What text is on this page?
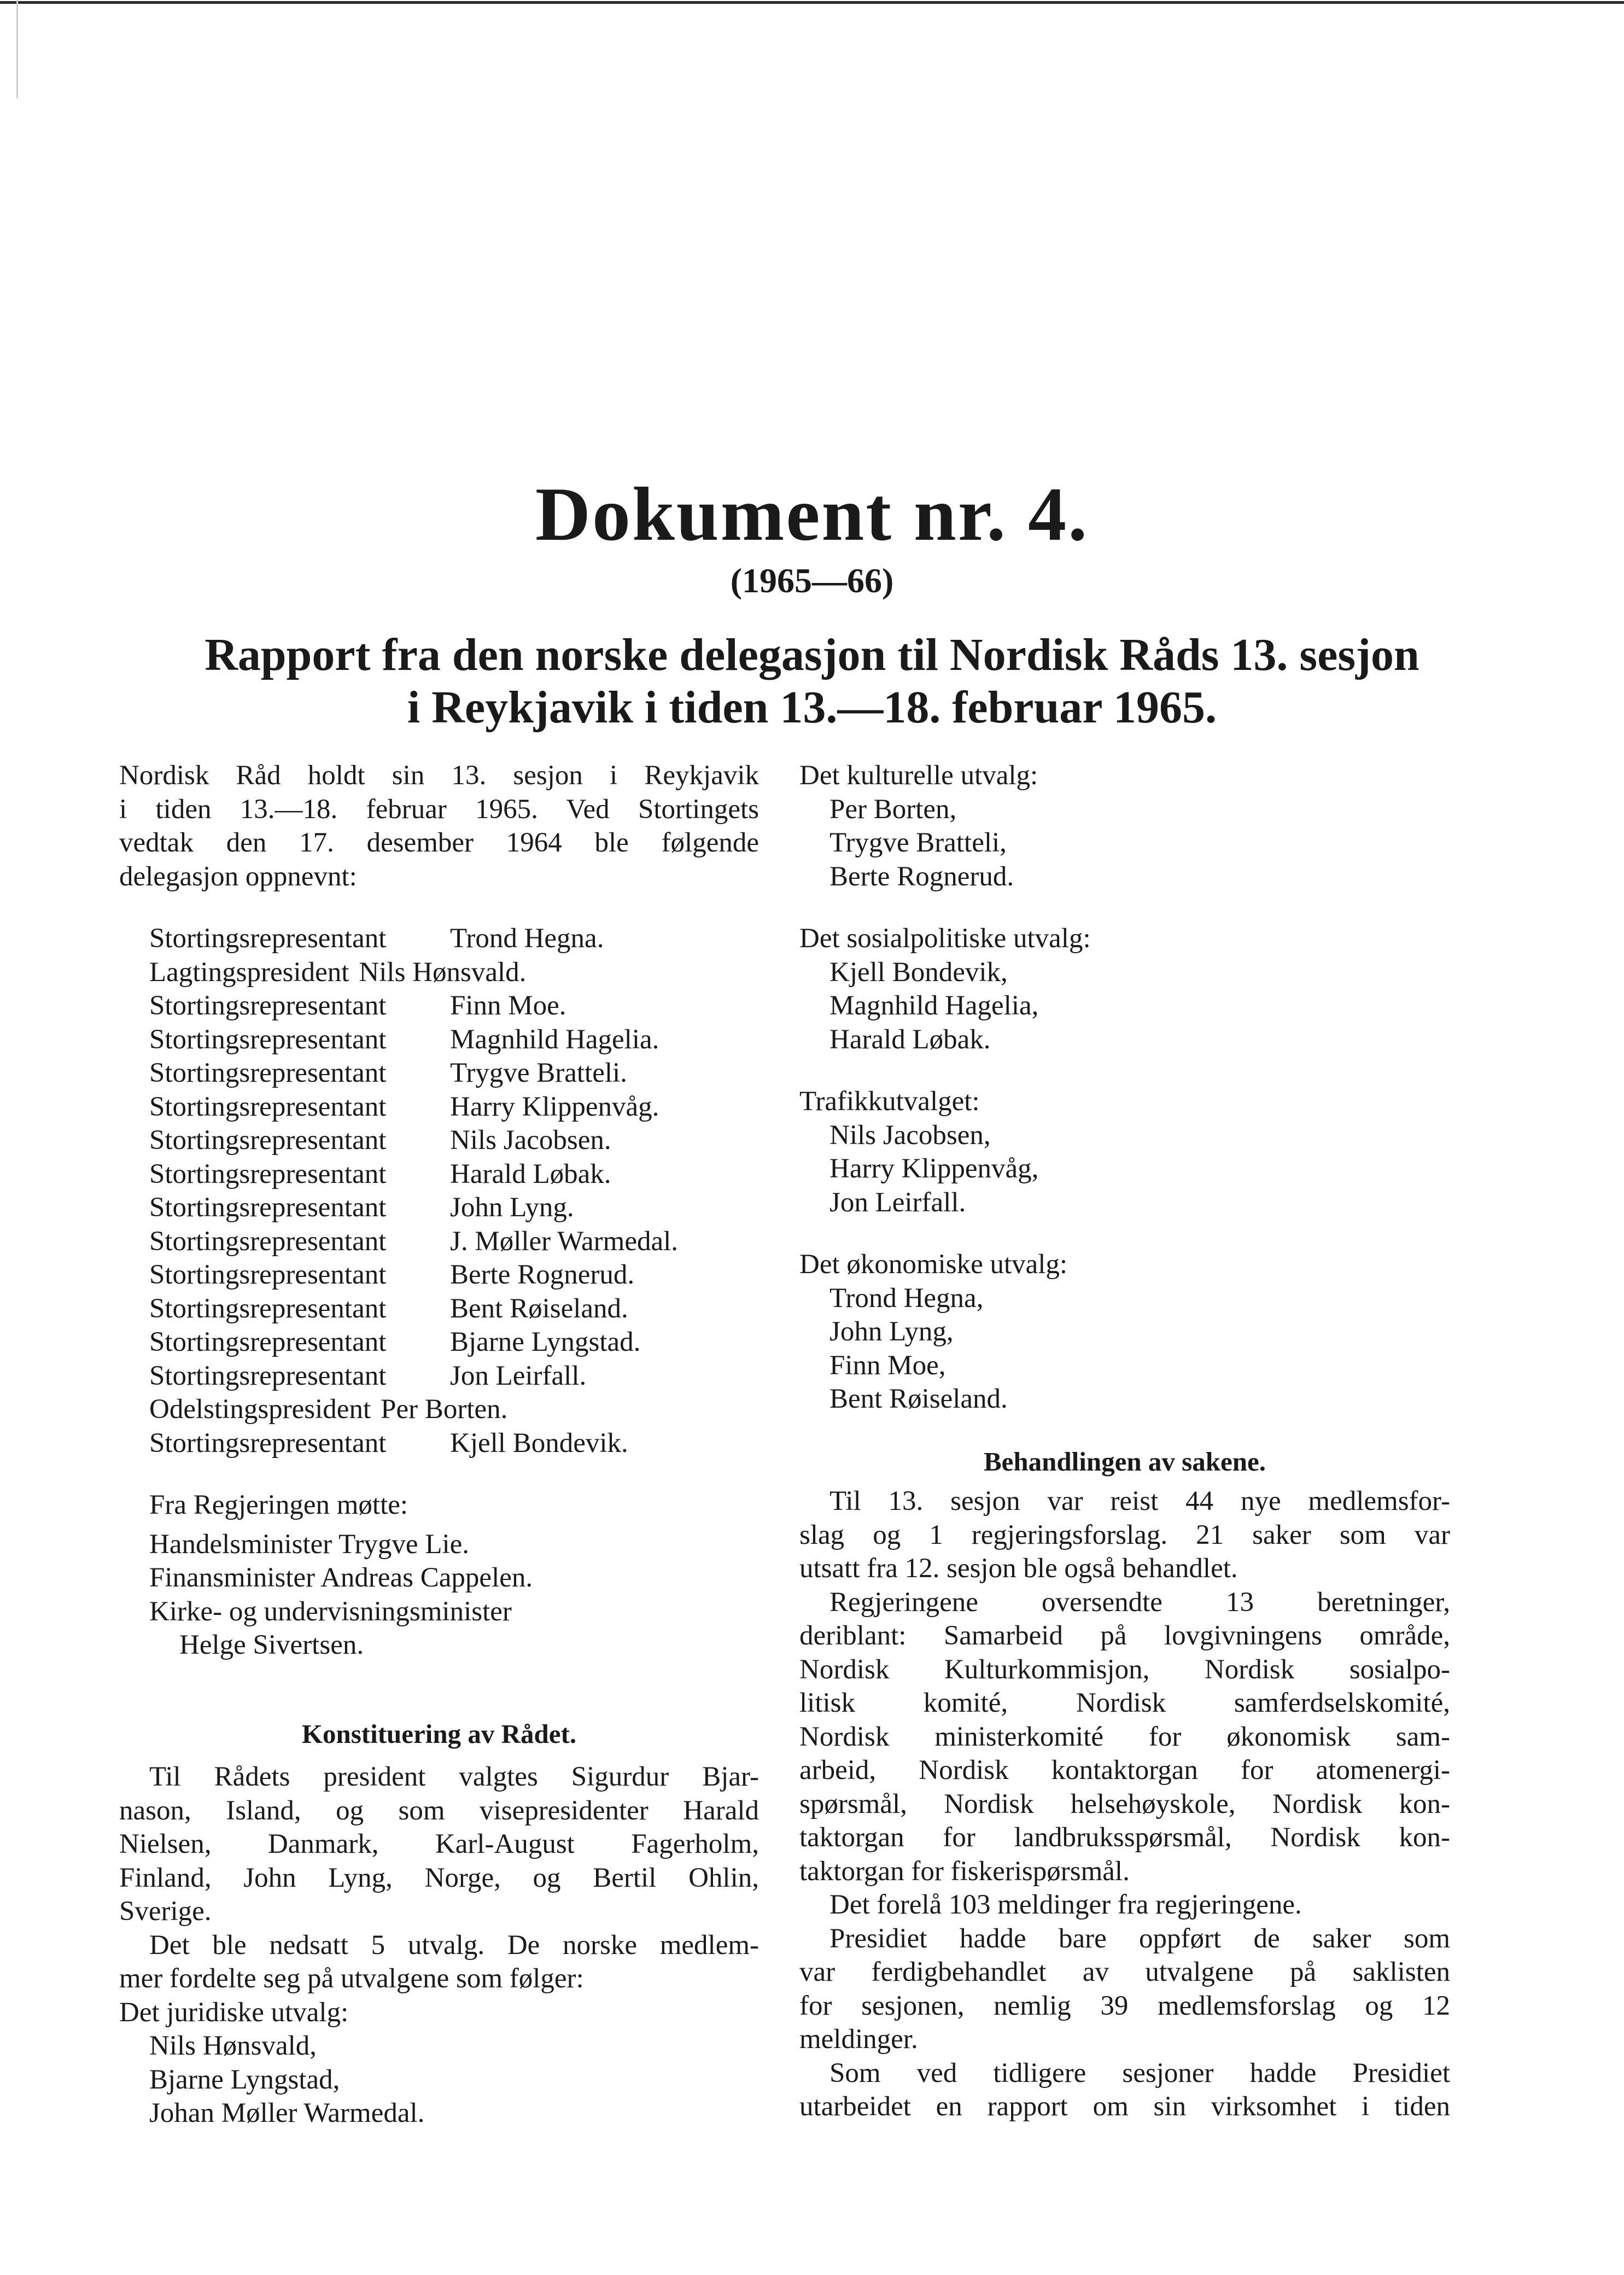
Dokument nr. 4.
(1965—66)
Rapport fra den norske delegasjon til Nordisk Råds 13. sesjon
i Reykjavik i tiden 13.—18. februar 1965.
Nordisk Råd holdt sin 13. sesjon i Reykjavik
i tiden 13.—18. februar 1965. Ved Stortingets
vedtak den 17. desember 1964 ble følgende
delegasjon oppnevnt:
Stortingsrepresentant	Trond Hegna.
Lagtingspresident Nils Hønsvald.
Stortingsrepresentant	Finn Moe.
Stortingsrepresentant	Magnhild Hagelia.
Stortingsrepresentant	Trygve Bratteli.
Stortingsrepresentant	Harry Klippenvåg.
Stortingsrepresentant	Nils Jacobsen.
Stortingsrepresentant	Harald Løbak.
Stortingsrepresentant	John Lyng.
Stortingsrepresentant	J. Møller Warmedal.
Stortingsrepresentant	Berte Rognerud.
Stortingsrepresentant	Bent Røiseland.
Stortingsrepresentant	Bjarne Lyngstad.
Stortingsrepresentant	Jon Leirfall.
Odelstingspresident Per Borten.
Stortingsrepresentant	Kjell Bondevik.
Fra Regjeringen møtte:
Handelsminister Trygve Lie.
Finansminister Andreas Cappelen.
Kirke- og undervisningsminister
Helge Sivertsen.
Konstituering av Rådet.
Til Rådets president valgtes Sigurdur Bjar-
nason, Island, og som visepresidenter Harald
Nielsen, Danmark, Karl-August Fagerholm,
Finland, John Lyng, Norge, og Bertil Ohlin,
Sverige.
Det ble nedsatt 5 utvalg. De norske medlem-
mer fordelte seg på utvalgene som følger:
Det juridiske utvalg:
Nils Hønsvald,
Bjarne Lyngstad,
Johan Møller Warmedal.
Det kulturelle utvalg:
Per Borten,
Trygve Bratteli,
Berte Rognerud.
Det sosialpolitiske utvalg:
Kjell Bondevik,
Magnhild Hagelia,
Harald Løbak.
Trafikkutvalget:
Nils Jacobsen,
Harry Klippenvåg,
Jon Leirfall.
Det økonomiske utvalg:
Trond Hegna,
John Lyng,
Finn Moe,
Bent Røiseland.
Behandlingen av sakene.
Til 13. sesjon var reist 44 nye medlemsfor-
slag og 1 regjeringsforslag. 21 saker som var
utsatt fra 12. sesjon ble også behandlet.
Regjeringene oversendte 13 beretninger,
deriblant: Samarbeid på lovgivningens område,
Nordisk Kulturkommisjon, Nordisk sosialpo-
litisk komité, Nordisk samferdselskomité,
Nordisk ministerkomité for økonomisk sam-
arbeid, Nordisk kontaktorgan for atomenergi-
spørsmål, Nordisk helsehøyskole, Nordisk kon-
taktorgan for landbruksspørsmål, Nordisk kon-
taktorgan for fiskerispørsmål.
Det forelå 103 meldinger fra regjeringene.
Presidiet hadde bare oppført de saker som
var ferdigbehandlet av utvalgene på saklisten
for sesjonen, nemlig 39 medlemsforslag og 12
meldinger.
Som ved tidligere sesjoner hadde Presidiet
utarbeidet en rapport om sin virksomhet i tiden
